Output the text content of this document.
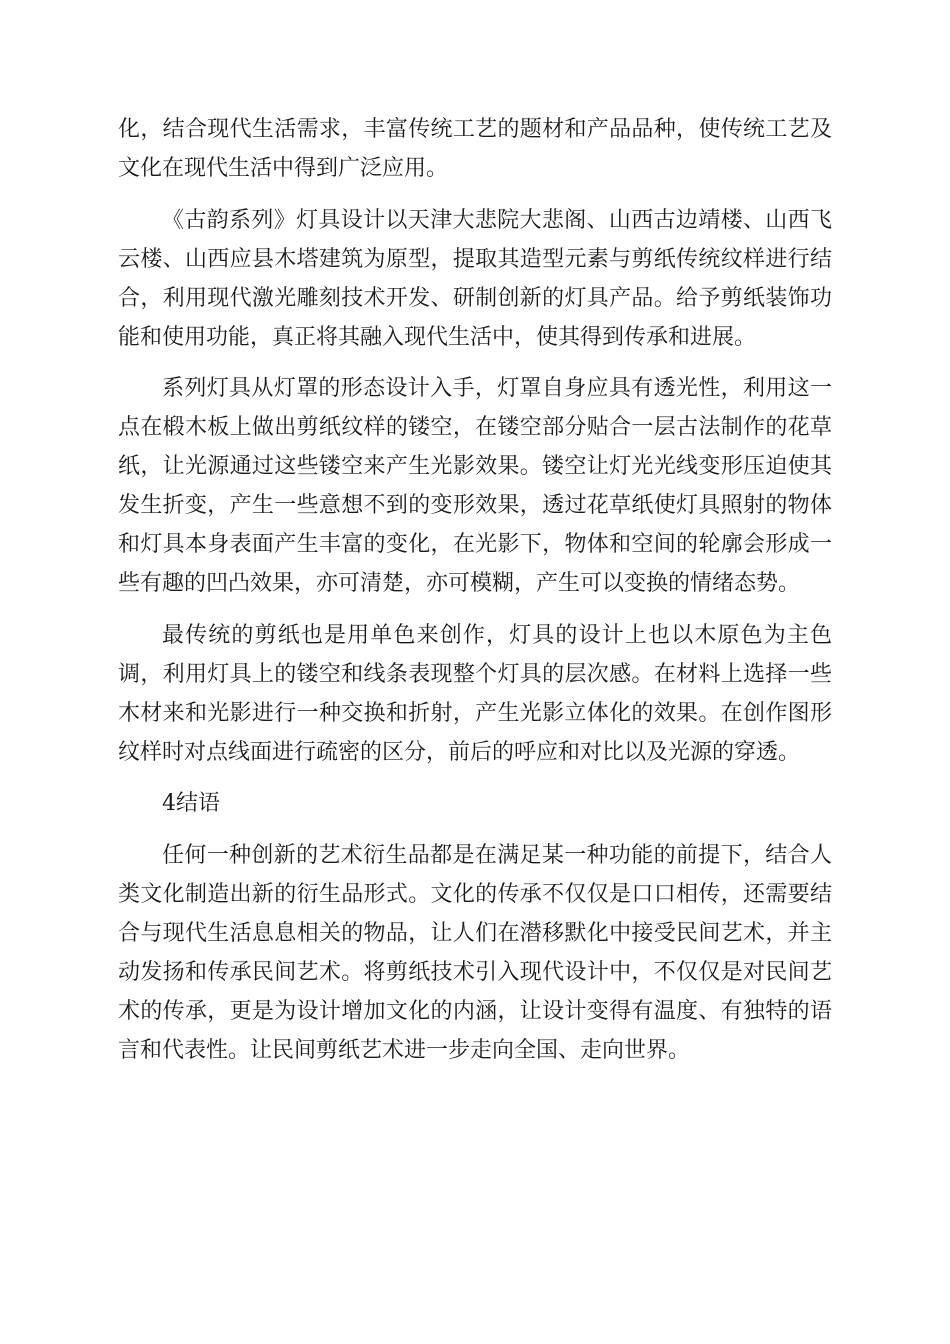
化，结合现代生活需求，丰富传统工艺的题材和产品品种，使传统工艺及
文化在现代生活中得到广泛应用。
《古韵系列》灯具设计以天津大悲院大悲阁、山西古边靖楼、山西飞
云楼、山西应县木塔建筑为原型，提取其造型元素与剪纸传统纹样进行结
合，利用现代激光雕刻技术开发、研制创新的灯具产品。给予剪纸装饰功
能和使用功能，真正将其融入现代生活中，使其得到传承和进展。
系列灯具从灯罩的形态设计入手，灯罩自身应具有透光性，利用这一
点在椴木板上做出剪纸纹样的镂空，在镂空部分贴合一层古法制作的花草
纸，让光源通过这些镂空来产生光影效果。镂空让灯光光线变形压迫使其
发生折变，产生一些意想不到的变形效果，透过花草纸使灯具照射的物体
和灯具本身表面产生丰富的变化，在光影下，物体和空间的轮廓会形成一
些有趣的凹凸效果，亦可清楚，亦可模糊，产生可以变换的情绪态势。
最传统的剪纸也是用单色来创作，灯具的设计上也以木原色为主色
调，利用灯具上的镂空和线条表现整个灯具的层次感。在材料上选择一些
木材来和光影进行一种交换和折射，产生光影立体化的效果。在创作图形
纹样时对点线面进行疏密的区分，前后的呼应和对比以及光源的穿透。
4结语
任何一种创新的艺术衍生品都是在满足某一种功能的前提下，结合人
类文化制造出新的衍生品形式。文化的传承不仅仅是口口相传，还需要结
合与现代生活息息相关的物品，让人们在潜移默化中接受民间艺术，并主
动发扬和传承民间艺术。将剪纸技术引入现代设计中，不仅仅是对民间艺
术的传承，更是为设计增加文化的内涵，让设计变得有温度、有独特的语
言和代表性。让民间剪纸艺术进一步走向全国、走向世界。
